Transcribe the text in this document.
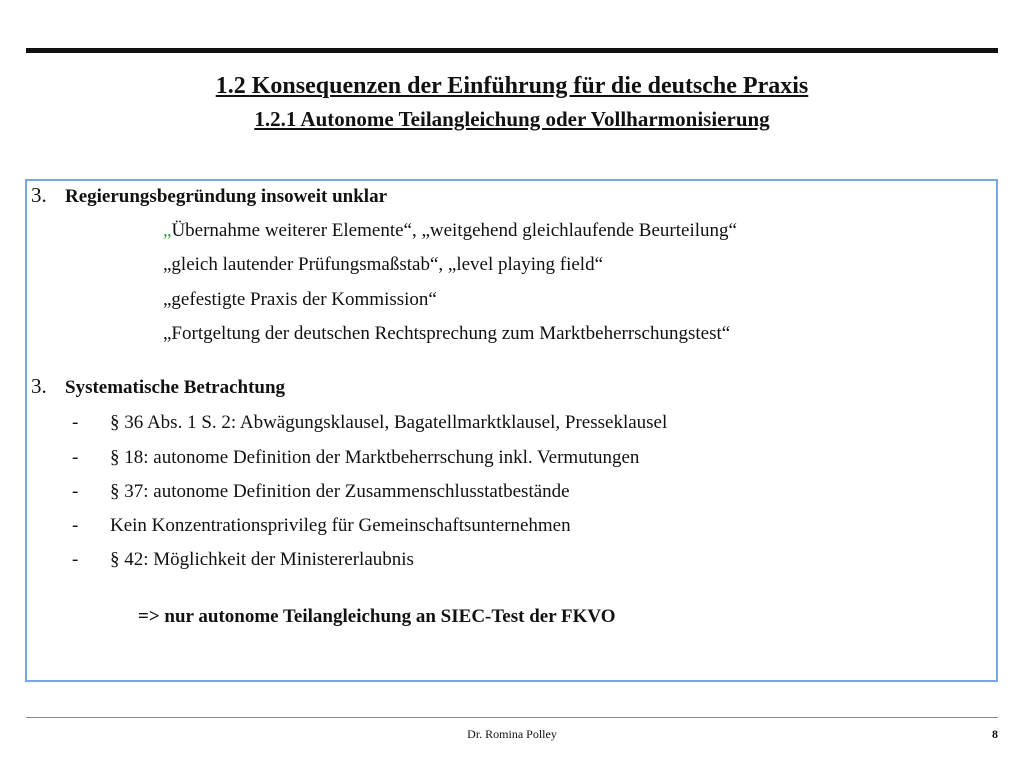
1.2 Konsequenzen der Einführung für die deutsche Praxis
1.2.1 Autonome Teilangleichung oder Vollharmonisierung
3. Regierungsbegründung insoweit unklar
„Übernahme weiterer Elemente“, „weitgehend gleichlaufende Beurteilung“
„gleich lautender Prüfungsmaßstab“, „level playing field“
„gefestigte Praxis der Kommission“
„Fortgeltung der deutschen Rechtsprechung zum Marktbeherrschungstest“
3. Systematische Betrachtung
- § 36 Abs. 1 S. 2: Abwägungsklausel, Bagatellmarktklausel, Presseklausel
- § 18: autonome Definition der Marktbeherrschung inkl. Vermutungen
- § 37: autonome Definition der Zusammenschlusstatbestände
- Kein Konzentrationsprivileg für Gemeinschaftsunternehmen
- § 42: Möglichkeit der Ministererlaubnis
=> nur autonome Teilangleichung an SIEC-Test der FKVO
Dr. Romina Polley	8
